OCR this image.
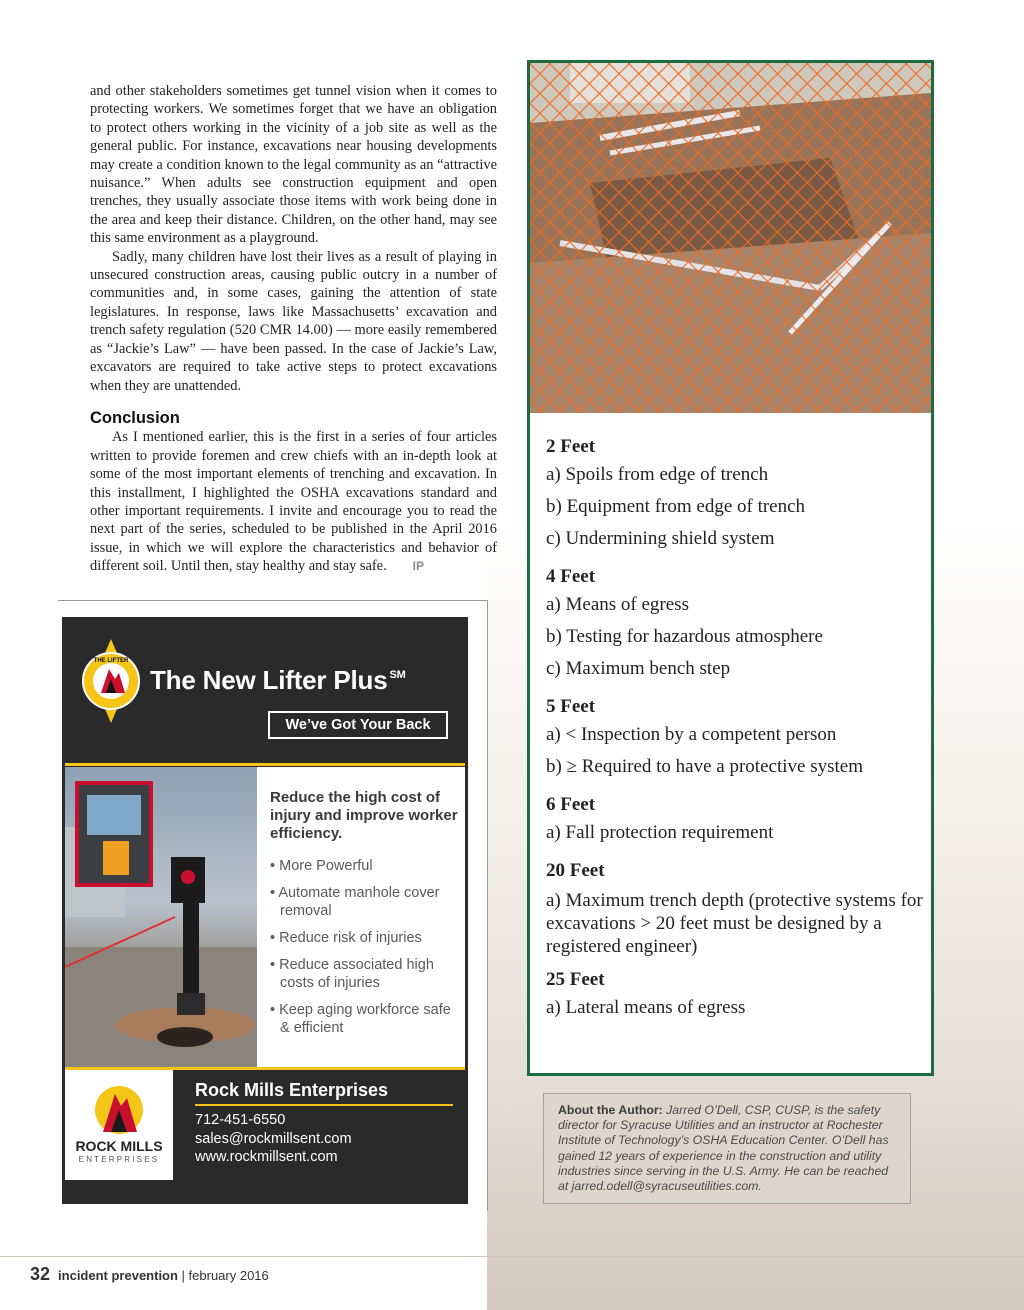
and other stakeholders sometimes get tunnel vision when it comes to protecting workers. We sometimes forget that we have an obligation to protect others working in the vicinity of a job site as well as the general public. For instance, excavations near housing developments may create a condition known to the legal community as an “attractive nuisance.” When adults see construction equipment and open trenches, they usually associate those items with work being done in the area and keep their distance. Children, on the other hand, may see this same environment as a playground.

Sadly, many children have lost their lives as a result of playing in unsecured construction areas, causing public outcry in a number of communities and, in some cases, gaining the attention of state legislatures. In response, laws like Massachusetts’ excavation and trench safety regulation (520 CMR 14.00) — more easily remembered as “Jackie’s Law” — have been passed. In the case of Jackie’s Law, excavators are required to take active steps to protect excavations when they are unattended.

Conclusion

As I mentioned earlier, this is the first in a series of four articles written to provide foremen and crew chiefs with an in-depth look at some of the most important elements of trenching and excavation. In this installment, I highlighted the OSHA excavations standard and other important requirements. I invite and encourage you to read the next part of the series, scheduled to be published in the April 2016 issue, in which we will explore the characteristics and behavior of different soil. Until then, stay healthy and stay safe. IP

2 Feet

a) Spoils from edge of trench

b) Equipment from edge of trench

c) Undermining shield system

4 Feet

a) Means of egress

b) Testing for hazardous atmosphere

c) Maximum bench step

5 Feet

a) < Inspection by a competent person

b) ≥ Required to have a protective system

6 Feet

a) Fall protection requirement

20 Feet

a) Maximum trench depth (protective systems for excavations > 20 feet must be designed by a registered engineer)

25 Feet

a) Lateral means of egress

About the Author: Jarred O’Dell, CSP, CUSP, is the safety director for Syracuse Utilities and an instructor at Rochester Institute of Technology’s OSHA Education Center. O’Dell has gained 12 years of experience in the construction and utility industries since serving in the U.S. Army. He can be reached at jarred.odell@syracuseutilities.com.
THE LIFTER
The New Lifter Plus ℠
We’ve Got Your Back
Reduce the high cost of injury and improve worker efficiency.
• More Powerful
• Automate manhole cover removal
• Reduce risk of injuries
• Reduce associated high costs of injuries
• Keep aging workforce safe & efficient
ROCK MILLS
ENTERPRISES
Rock Mills Enterprises
712-451-6550
sales@rockmillsent.com
www.rockmillsent.com
32 incident prevention | february 2016
